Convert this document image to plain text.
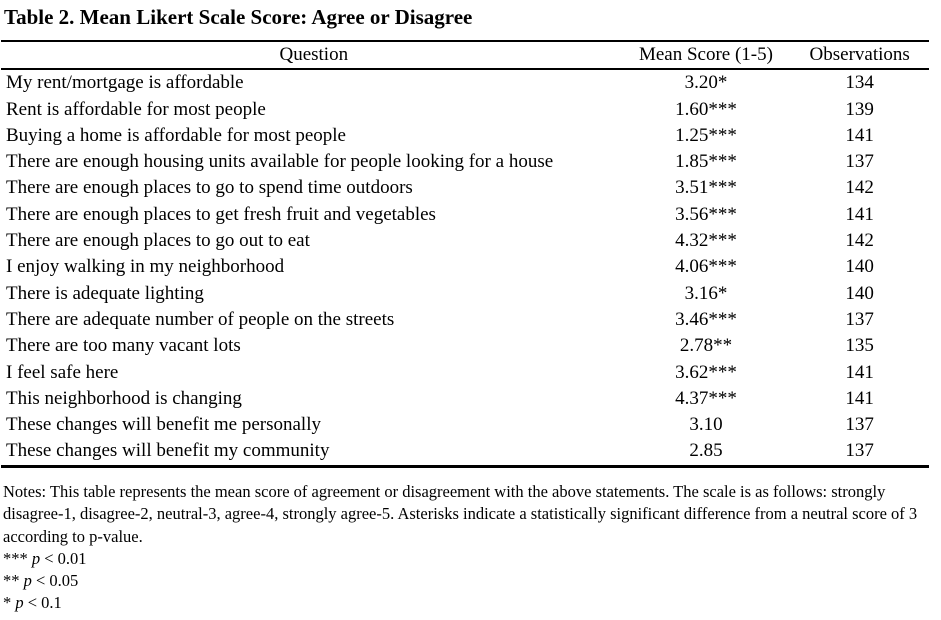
Table 2. Mean Likert Scale Score: Agree or Disagree
Question	Mean Score (1-5)	Observations
My rent/mortgage is affordable	3.20*	134
Rent is affordable for most people	1.60***	139
Buying a home is affordable for most people	1.25***	141
There are enough housing units available for people looking for a house	1.85***	137
There are enough places to go to spend time outdoors	3.51***	142
There are enough places to get fresh fruit and vegetables	3.56***	141
There are enough places to go out to eat	4.32***	142
I enjoy walking in my neighborhood	4.06***	140
There is adequate lighting	3.16*	140
There are adequate number of people on the streets	3.46***	137
There are too many vacant lots	2.78**	135
I feel safe here	3.62***	141
This neighborhood is changing	4.37***	141
These changes will benefit me personally	3.10	137
These changes will benefit my community	2.85	137

Notes: This table represents the mean score of agreement or disagreement with the above statements. The scale is as follows: strongly disagree-1, disagree-2, neutral-3, agree-4, strongly agree-5. Asterisks indicate a statistically significant difference from a neutral score of 3 according to p-value.

*** p < 0.01
** p < 0.05
* p < 0.1
